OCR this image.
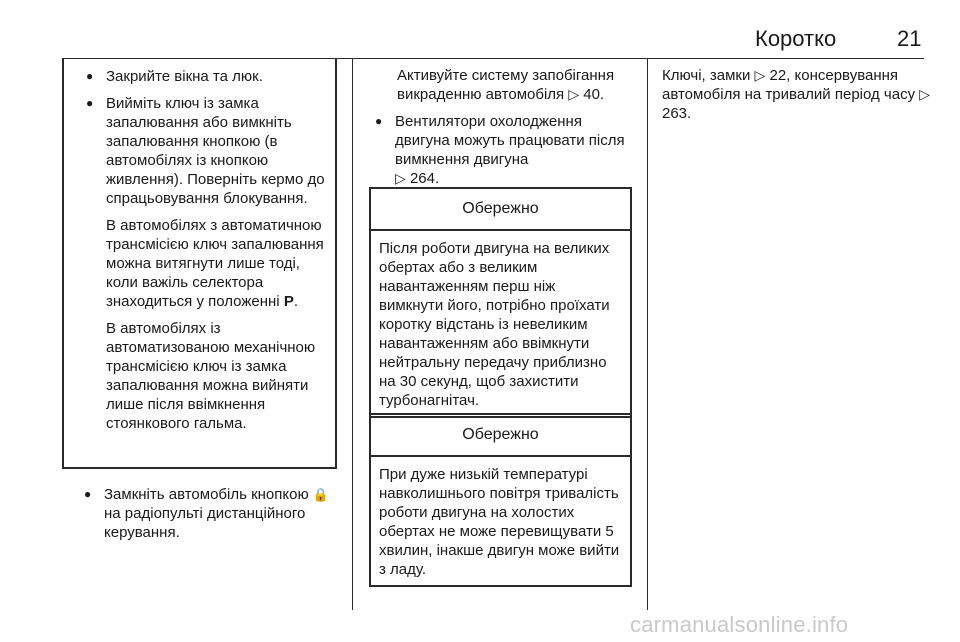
Коротко	21
● Закрийте вікна та люк.
● Вийміть ключ із замка запалювання або вимкніть запалювання кнопкою (в автомобілях із кнопкою живлення). Поверніть кермо до спрацьовування блокування.

В автомобілях з автоматичною трансмісією ключ запалювання можна витягнути лише тоді, коли важіль селектора знаходиться у положенні P.

В автомобілях із автоматизованою механічною трансмісією ключ із замка запалювання можна вийняти лише після ввімкнення стоянкового гальма.

● Замкніть автомобіль кнопкою 🔒 на радіопульті дистанційного керування.

Активуйте систему запобігання викраденню автомобіля ▷ 40.

● Вентилятори охолодження двигуна можуть працювати після вимкнення двигуна
▷ 264.
Обережно
Після роботи двигуна на великих обертах або з великим навантаженням перш ніж вимкнути його, потрібно проїхати коротку відстань із невеликим навантаженням або ввімкнути нейтральну передачу приблизно на 30 секунд, щоб захистити турбонагнітач.
Обережно
При дуже низькій температурі навколишнього повітря тривалість роботи двигуна на холостих обертах не може перевищувати 5 хвилин, інакше двигун може вийти з ладу.

Ключі, замки ▷ 22, консервування автомобіля на тривалий період часу ▷ 263.

carmanualsonline.info
